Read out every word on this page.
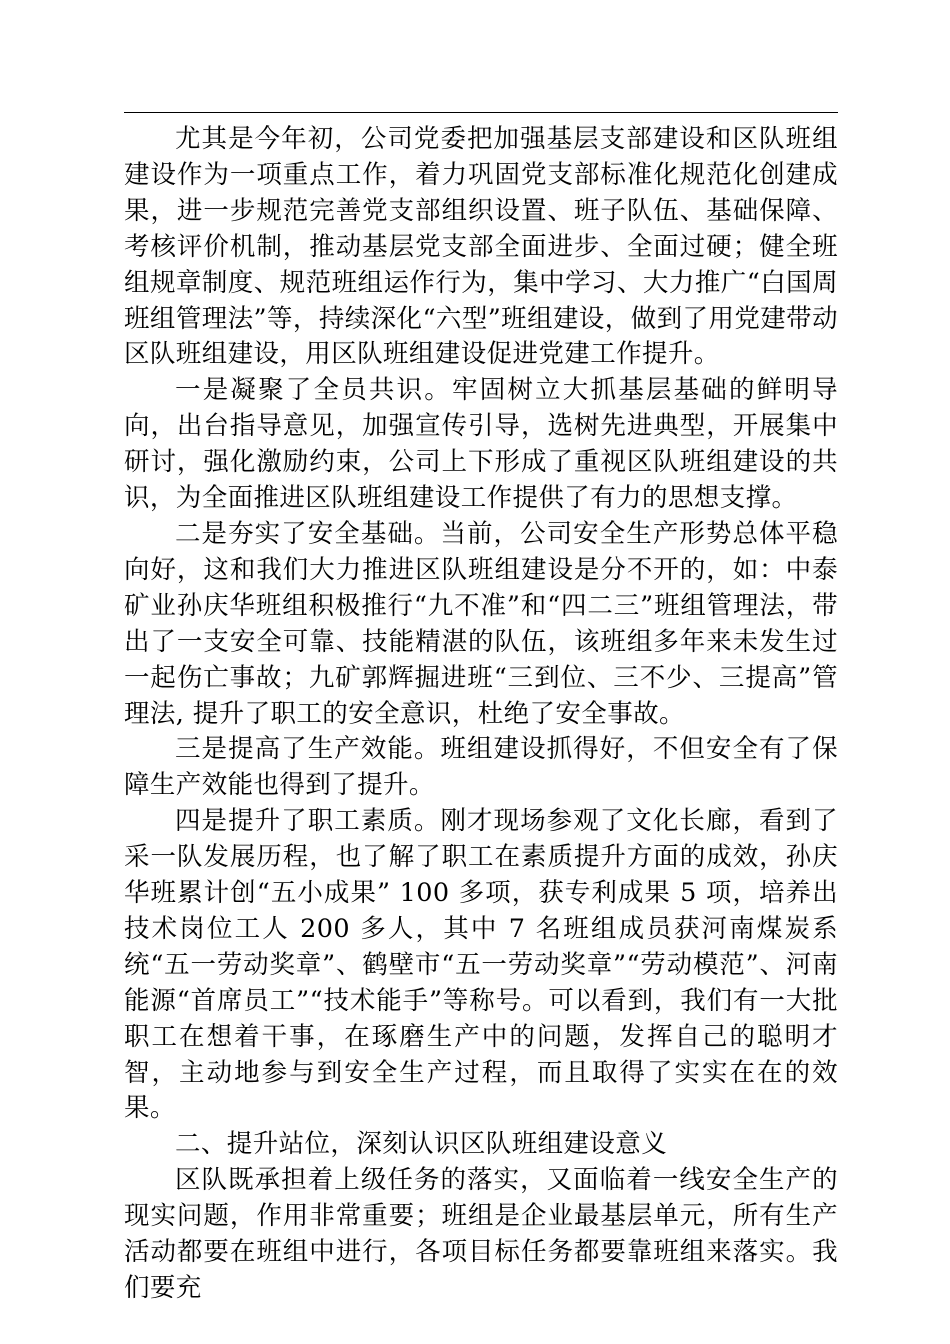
尤其是今年初，公司党委把加强基层支部建设和区队班组建设作为一项重点工作，着力巩固党支部标准化规范化创建成果，进一步规范完善党支部组织设置、班子队伍、基础保障、考核评价机制，推动基层党支部全面进步、全面过硬；健全班组规章制度、规范班组运作行为，集中学习、大力推广“白国周班组管理法”等，持续深化“六型”班组建设，做到了用党建带动区队班组建设，用区队班组建设促进党建工作提升。

一是凝聚了全员共识。牢固树立大抓基层基础的鲜明导向，出台指导意见，加强宣传引导，选树先进典型，开展集中研讨，强化激励约束，公司上下形成了重视区队班组建设的共识，为全面推进区队班组建设工作提供了有力的思想支撑。

二是夯实了安全基础。当前，公司安全生产形势总体平稳向好，这和我们大力推进区队班组建设是分不开的，如：中泰矿业孙庆华班组积极推行“九不准”和“四二三”班组管理法，带出了一支安全可靠、技能精湛的队伍，该班组多年来未发生过一起伤亡事故；九矿郭辉掘进班“三到位、三不少、三提高”管理法, 提升了职工的安全意识，杜绝了安全事故。

三是提高了生产效能。班组建设抓得好，不但安全有了保障生产效能也得到了提升。

四是提升了职工素质。刚才现场参观了文化长廊，看到了采一队发展历程，也了解了职工在素质提升方面的成效，孙庆华班累计创“五小成果” 100 多项，获专利成果 5 项，培养出技术岗位工人 200 多人，其中 7 名班组成员获河南煤炭系统“五一劳动奖章”、鹤壁市“五一劳动奖章”“劳动模范”、河南能源“首席员工”“技术能手”等称号。可以看到，我们有一大批职工在想着干事，在琢磨生产中的问题，发挥自己的聪明才智，主动地参与到安全生产过程，而且取得了实实在在的效果。

二、提升站位，深刻认识区队班组建设意义

区队既承担着上级任务的落实，又面临着一线安全生产的现实问题，作用非常重要；班组是企业最基层单元，所有生产活动都要在班组中进行，各项目标任务都要靠班组来落实。我们要充
